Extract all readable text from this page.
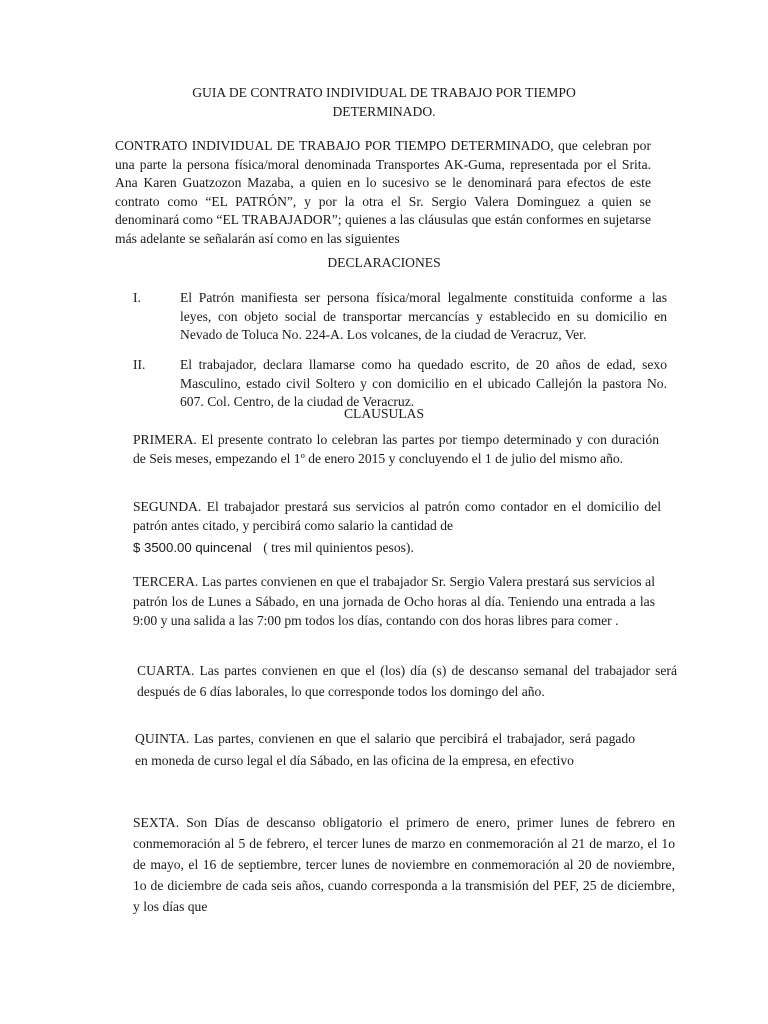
GUIA DE CONTRATO INDIVIDUAL DE TRABAJO POR TIEMPO
DETERMINADO.

CONTRATO INDIVIDUAL DE TRABAJO POR TIEMPO DETERMINADO, que celebran por una parte la persona física/moral denominada Transportes AK-Guma, representada por el Srita. Ana Karen Guatzozon Mazaba, a quien en lo sucesivo se le denominará para efectos de este contrato como “EL PATRÓN”, y por la otra el Sr. Sergio Valera Dominguez a quien se denominará como “EL TRABAJADOR”; quienes a las cláusulas que están conformes en sujetarse más adelante se señalarán así como en las siguientes

DECLARACIONES
I.	El Patrón manifiesta ser persona física/moral legalmente constituida conforme a las leyes, con objeto social de transportar mercancías y establecido en su domicilio en Nevado de Toluca No. 224-A. Los volcanes, de la ciudad de Veracruz, Ver.

II.	El trabajador, declara llamarse como ha quedado escrito, de 20 años de edad, sexo Masculino, estado civil Soltero y con domicilio en el ubicado Callejón la pastora No. 607. Col. Centro, de la ciudad de Veracruz.

CLAUSULAS

PRIMERA. El presente contrato lo celebran las partes por tiempo determinado y con duración de Seis meses, empezando el 1º de enero 2015 y concluyendo el 1 de julio del mismo año.

SEGUNDA. El trabajador prestará sus servicios al patrón como contador en el domicilio del patrón antes citado, y percibirá como salario la cantidad de

$ 3500.00 quincenal ( tres mil quinientos pesos).

TERCERA. Las partes convienen en que el trabajador Sr. Sergio Valera prestará sus servicios al patrón los de Lunes a Sábado, en una jornada de Ocho horas al día. Teniendo una entrada a las 9:00 y una salida a las 7:00 pm todos los días, contando con dos horas libres para comer .

CUARTA. Las partes convienen en que el (los) día (s) de descanso semanal del trabajador será después de 6 días laborales, lo que corresponde todos los domingo del año.

QUINTA. Las partes, convienen en que el salario que percibirá el trabajador, será pagado en moneda de curso legal el día Sábado, en las oficina de la empresa, en efectivo

SEXTA. Son Días de descanso obligatorio el primero de enero, primer lunes de febrero en conmemoración al 5 de febrero, el tercer lunes de marzo en conmemoración al 21 de marzo, el 1o de mayo, el 16 de septiembre, tercer lunes de noviembre en conmemoración al 20 de noviembre, 1o de diciembre de cada seis años, cuando corresponda a la transmisión del PEF, 25 de diciembre, y los días que
